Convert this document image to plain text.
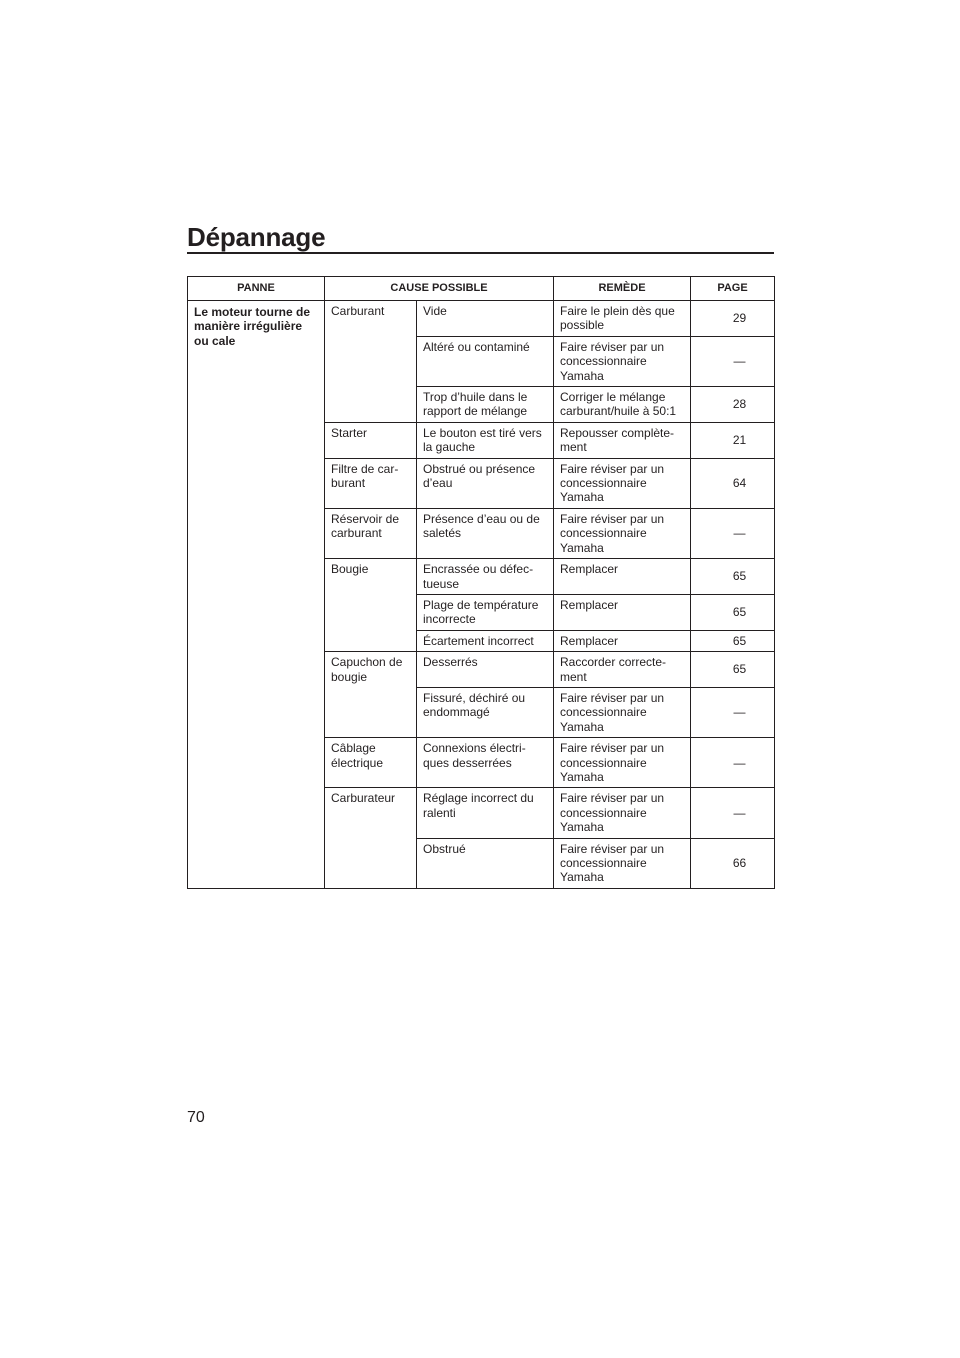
Dépannage
PANNE	CAUSE POSSIBLE		REMÈDE	PAGE
Le moteur tourne de manière irrégulière ou cale	Carburant	Vide	Faire le plein dès que possible	29
		Altéré ou contaminé	Faire réviser par un concessionnaire Yamaha	—
		Trop d’huile dans le rapport de mélange	Corriger le mélange carburant/huile à 50:1	28
	Starter	Le bouton est tiré vers la gauche	Repousser complète-ment	21
	Filtre de car-burant	Obstrué ou présence d’eau	Faire réviser par un concessionnaire Yamaha	64
	Réservoir de carburant	Présence d’eau ou de saletés	Faire réviser par un concessionnaire Yamaha	—
	Bougie	Encrassée ou défec-tueuse	Remplacer	65
		Plage de température incorrecte	Remplacer	65
		Écartement incorrect	Remplacer	65
	Capuchon de bougie	Desserrés	Raccorder correcte-ment	65
		Fissuré, déchiré ou endommagé	Faire réviser par un concessionnaire Yamaha	—
	Câblage électrique	Connexions électri-ques desserrées	Faire réviser par un concessionnaire Yamaha	—
	Carburateur	Réglage incorrect du ralenti	Faire réviser par un concessionnaire Yamaha	—
		Obstrué	Faire réviser par un concessionnaire Yamaha	66

70
